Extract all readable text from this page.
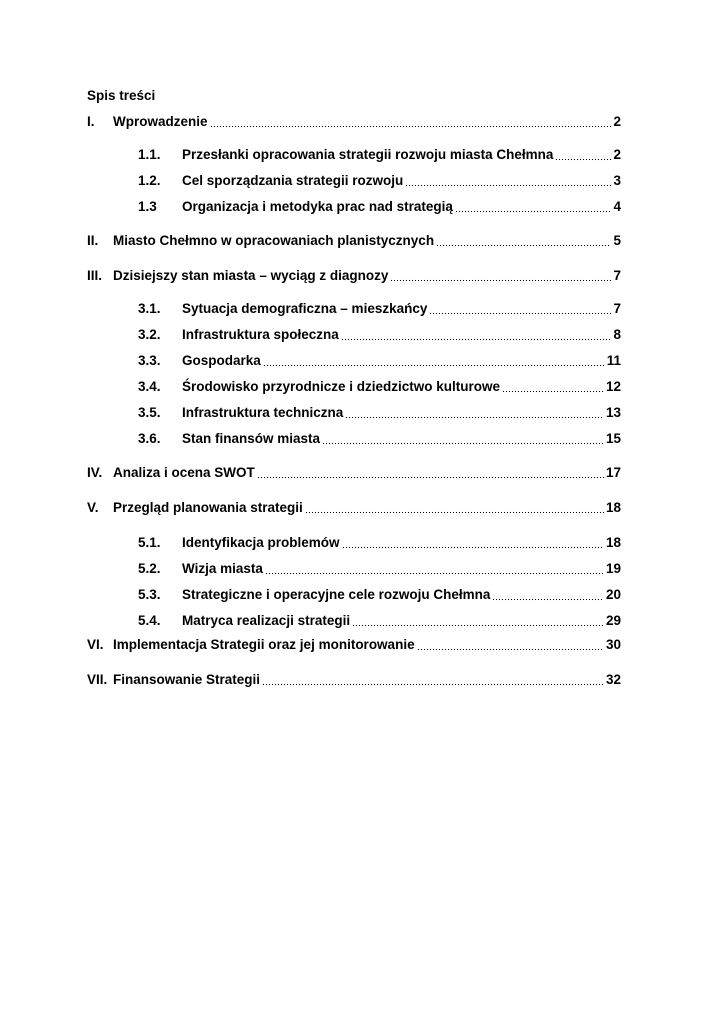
Spis treści
I.	Wprowadzenie	2
1.1.	Przesłanki opracowania strategii rozwoju miasta Chełmna	2
1.2.	Cel sporządzania strategii rozwoju	3
1.3	Organizacja i metodyka prac nad strategią	4
II.	Miasto Chełmno w opracowaniach planistycznych	5
III. Dzisiejszy stan miasta – wyciąg z diagnozy	7
3.1.	Sytuacja demograficzna – mieszkańcy	7
3.2.	Infrastruktura społeczna	8
3.3.	Gospodarka	11
3.4.	Środowisko przyrodnicze i dziedzictwo kulturowe	12
3.5.	Infrastruktura techniczna	13
3.6.	Stan finansów miasta	15
IV. Analiza i ocena SWOT	17
V.	Przegląd planowania strategii	18
5.1.	Identyfikacja problemów	18
5.2.	Wizja miasta	19
5.3.	Strategiczne i operacyjne cele rozwoju Chełmna	20
5.4.	Matryca realizacji strategii	29
VI. Implementacja Strategii oraz jej monitorowanie	30
VII. Finansowanie Strategii	32
